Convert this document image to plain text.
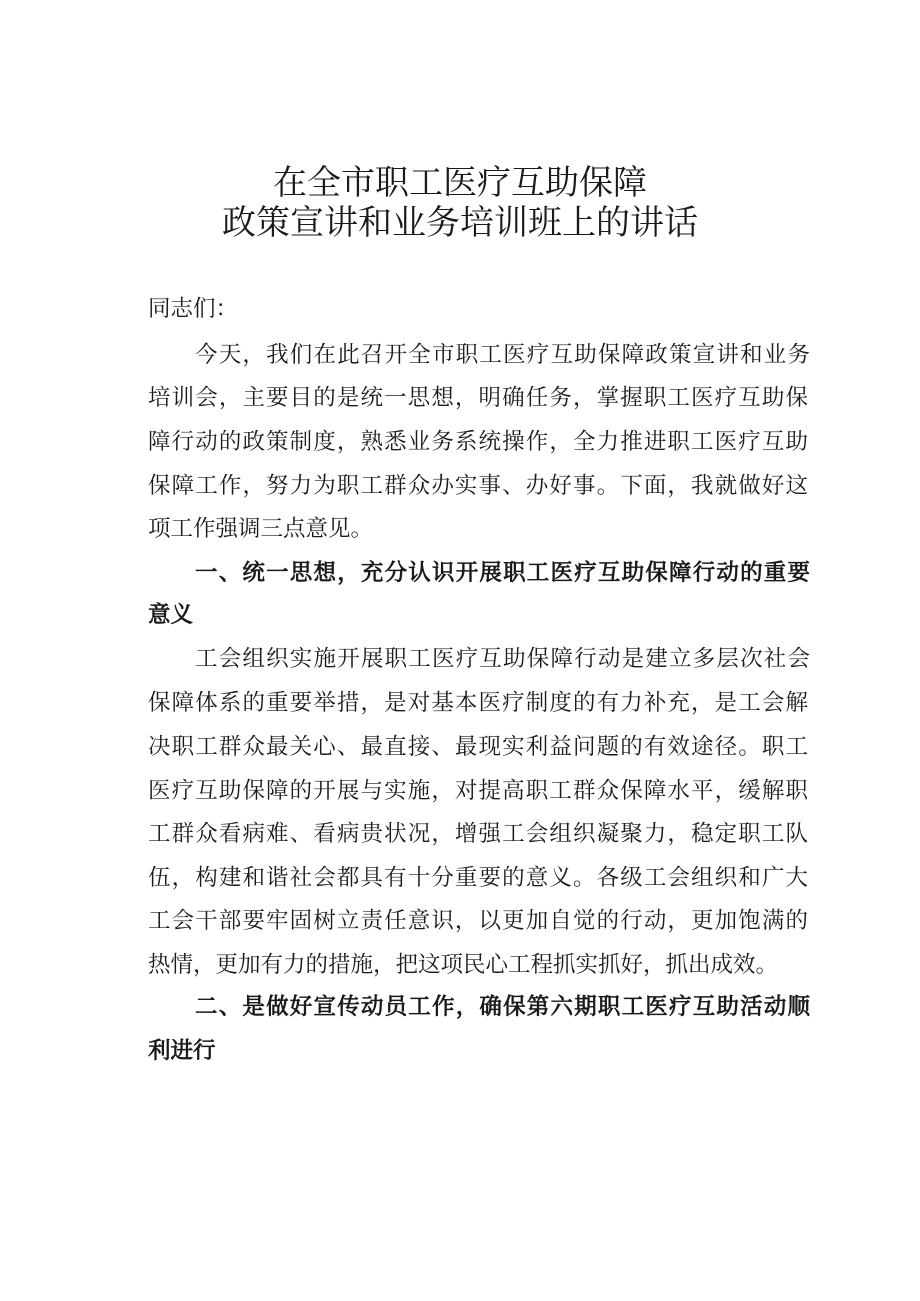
在全市职工医疗互助保障
政策宣讲和业务培训班上的讲话
同志们：
今天，我们在此召开全市职工医疗互助保障政策宣讲和业务
培训会，主要目的是统一思想，明确任务，掌握职工医疗互助保
障行动的政策制度，熟悉业务系统操作，全力推进职工医疗互助
保障工作，努力为职工群众办实事、办好事。下面，我就做好这
项工作强调三点意见。
一、统一思想，充分认识开展职工医疗互助保障行动的重要
意义
工会组织实施开展职工医疗互助保障行动是建立多层次社会
保障体系的重要举措，是对基本医疗制度的有力补充，是工会解
决职工群众最关心、最直接、最现实利益问题的有效途径。职工
医疗互助保障的开展与实施，对提高职工群众保障水平，缓解职
工群众看病难、看病贵状况，增强工会组织凝聚力，稳定职工队
伍，构建和谐社会都具有十分重要的意义。各级工会组织和广大
工会干部要牢固树立责任意识，以更加自觉的行动，更加饱满的
热情，更加有力的措施，把这项民心工程抓实抓好，抓出成效。
二、是做好宣传动员工作，确保第六期职工医疗互助活动顺
利进行
